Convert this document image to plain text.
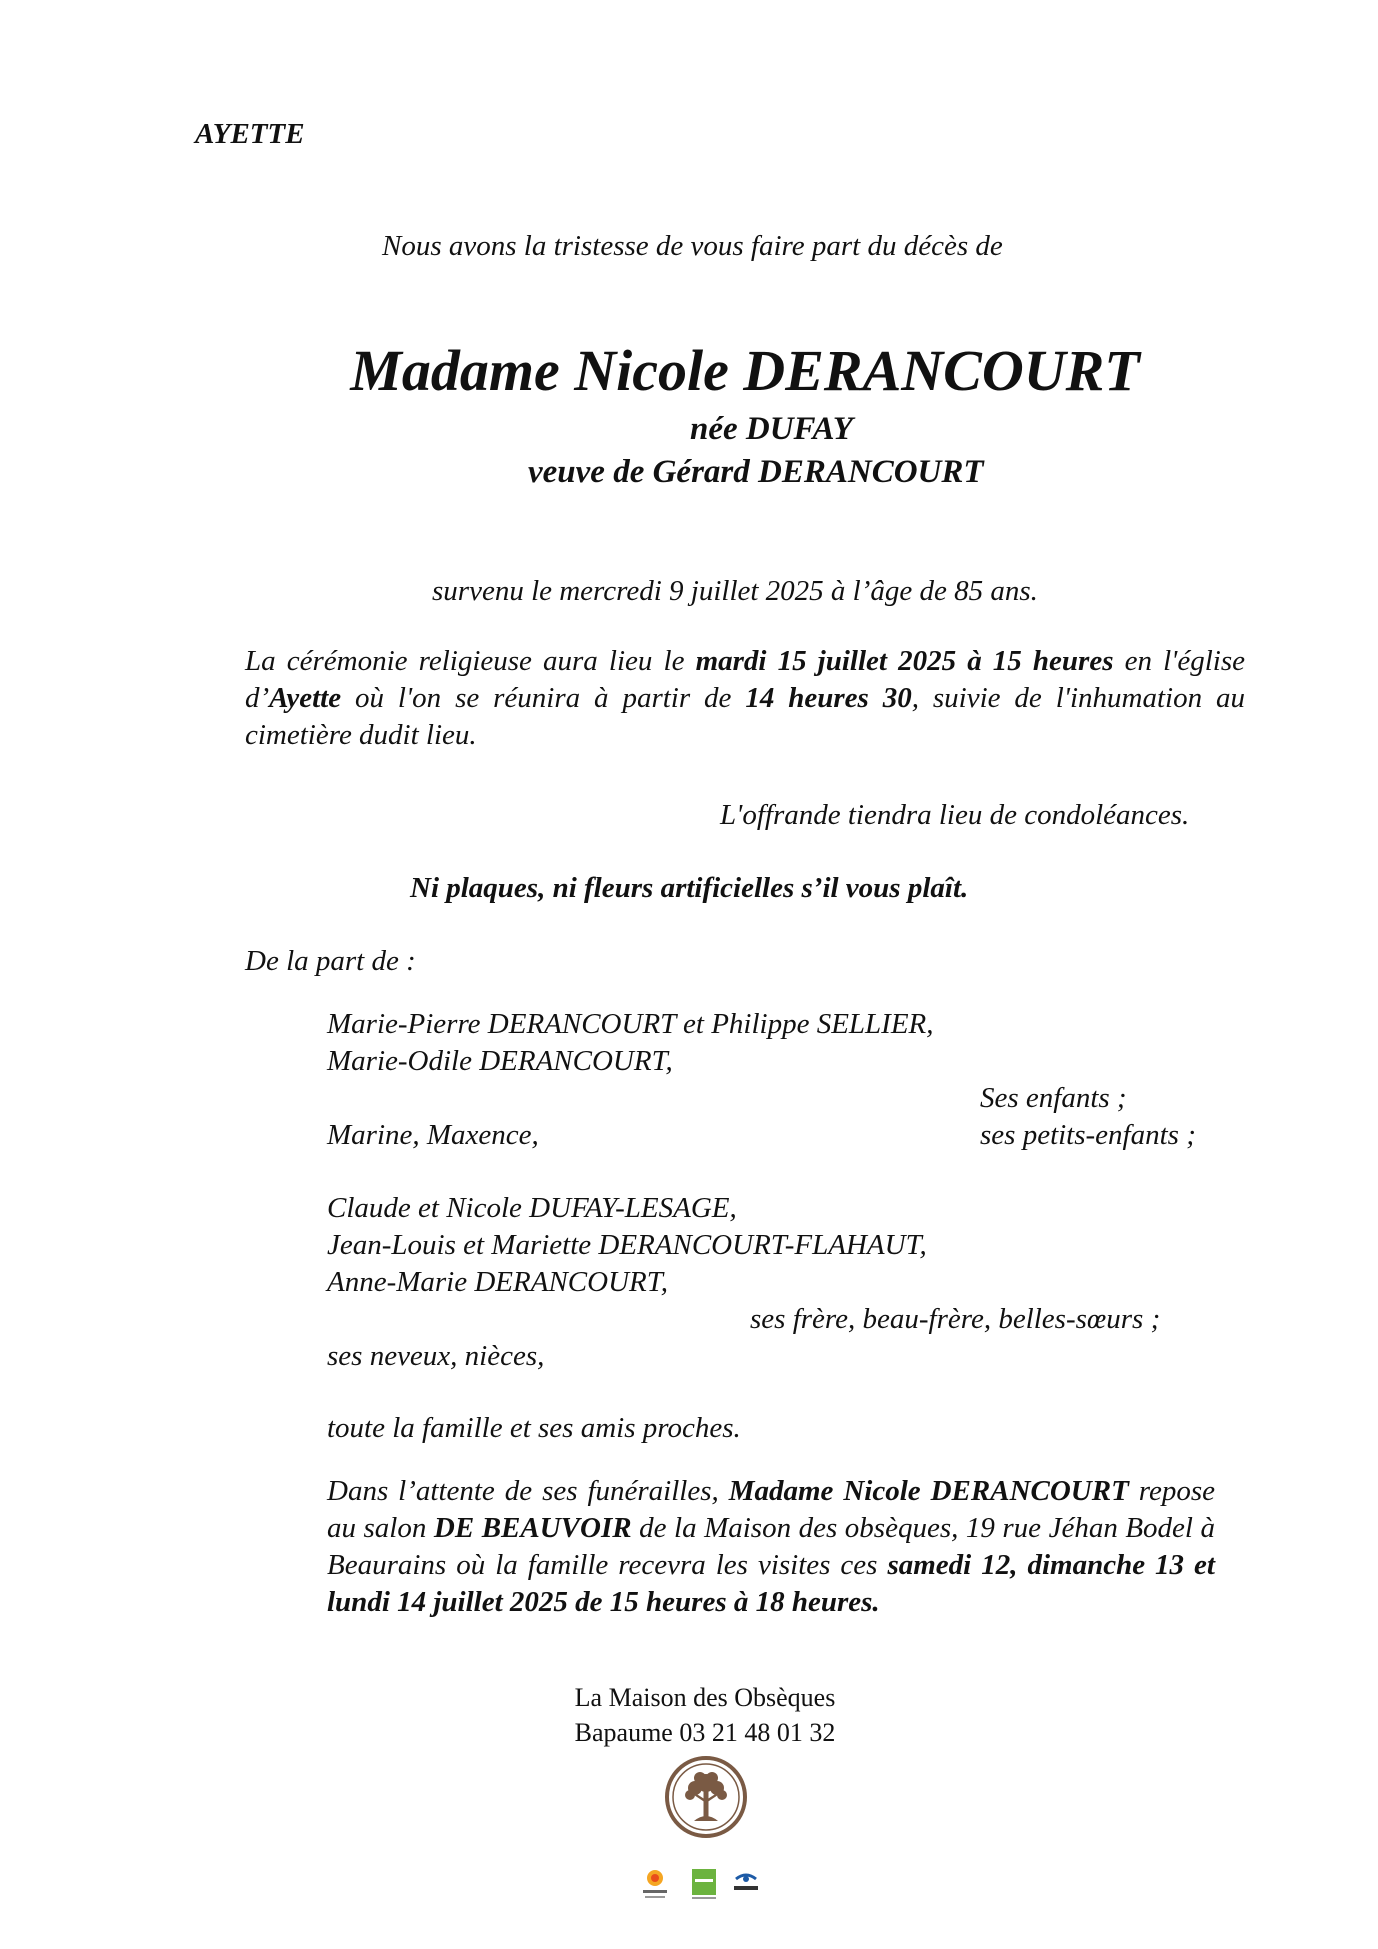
AYETTE
Nous avons la tristesse de vous faire part du décès de
Madame Nicole DERANCOURT
née DUFAY
veuve de Gérard DERANCOURT
survenu le mercredi 9 juillet 2025 à l’âge de 85 ans.
La cérémonie religieuse aura lieu le mardi 15 juillet 2025 à 15 heures en l'église d’Ayette où l'on se réunira à partir de 14 heures 30, suivie de l'inhumation au cimetière dudit lieu.
L'offrande tiendra lieu de condoléances.
Ni plaques, ni fleurs artificielles s’il vous plaît.
De la part de :
Marie-Pierre DERANCOURT et Philippe SELLIER,
Marie-Odile DERANCOURT,
Ses enfants ;
Marine, Maxence,	ses petits-enfants ;
Claude et Nicole DUFAY-LESAGE,
Jean-Louis et Mariette DERANCOURT-FLAHAUT,
Anne-Marie DERANCOURT,
ses frère, beau-frère, belles-sœurs ;
ses neveux, nièces,
toute la famille et ses amis proches.
Dans l’attente de ses funérailles, Madame Nicole DERANCOURT repose au salon DE BEAUVOIR de la Maison des obsèques, 19 rue Jéhan Bodel à Beaurains où la famille recevra les visites ces samedi 12, dimanche 13 et lundi 14 juillet 2025 de 15 heures à 18 heures.
La Maison des Obsèques
Bapaume 03 21 48 01 32
